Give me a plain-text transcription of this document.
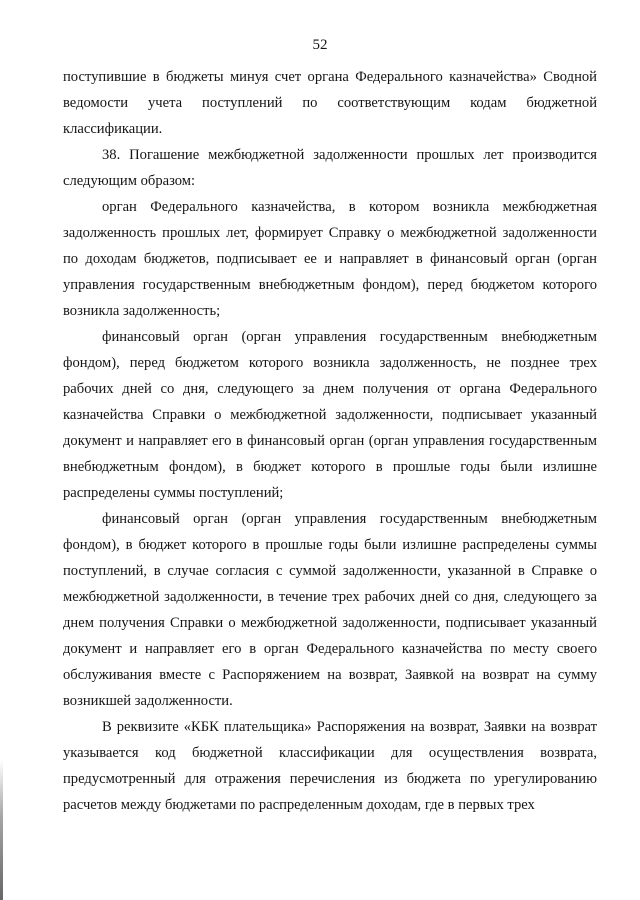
52

поступившие в бюджеты минуя счет органа Федерального казначейства» Сводной ведомости учета поступлений по соответствующим кодам бюджетной классификации.

38. Погашение межбюджетной задолженности прошлых лет производится следующим образом:

орган Федерального казначейства, в котором возникла межбюджетная задолженность прошлых лет, формирует Справку о межбюджетной задолженности по доходам бюджетов, подписывает ее и направляет в финансовый орган (орган управления государственным внебюджетным фондом), перед бюджетом которого возникла задолженность;

финансовый орган (орган управления государственным внебюджетным фондом), перед бюджетом которого возникла задолженность, не позднее трех рабочих дней со дня, следующего за днем получения от органа Федерального казначейства Справки о межбюджетной задолженности, подписывает указанный документ и направляет его в финансовый орган (орган управления государственным внебюджетным фондом), в бюджет которого в прошлые годы были излишне распределены суммы поступлений;

финансовый орган (орган управления государственным внебюджетным фондом), в бюджет которого в прошлые годы были излишне распределены суммы поступлений, в случае согласия с суммой задолженности, указанной в Справке о межбюджетной задолженности, в течение трех рабочих дней со дня, следующего за днем получения Справки о межбюджетной задолженности, подписывает указанный документ и направляет его в орган Федерального казначейства по месту своего обслуживания вместе с Распоряжением на возврат, Заявкой на возврат на сумму возникшей задолженности.

В реквизите «КБК плательщика» Распоряжения на возврат, Заявки на возврат указывается код бюджетной классификации для осуществления возврата, предусмотренный для отражения перечисления из бюджета по урегулированию расчетов между бюджетами по распределенным доходам, где в первых трех
